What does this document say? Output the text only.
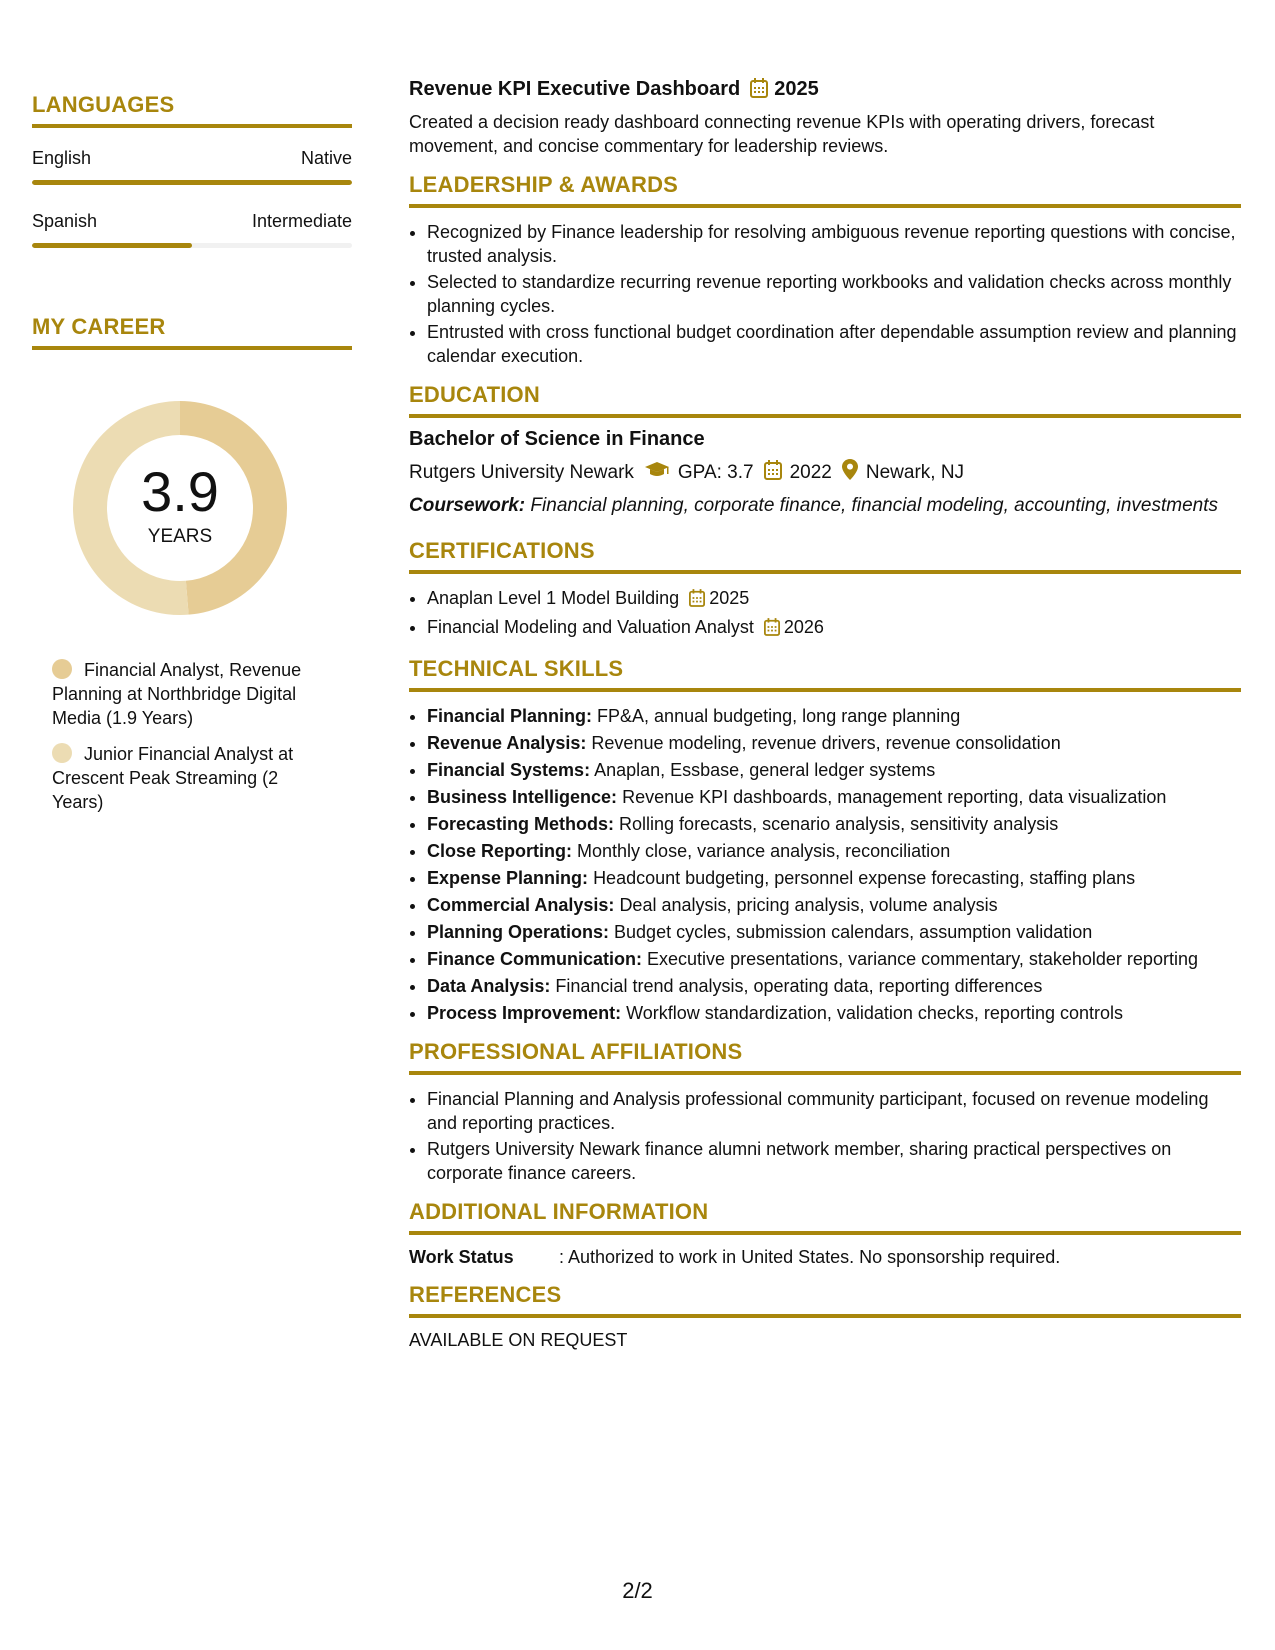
LANGUAGES
English	Native
Spanish	Intermediate
MY CAREER
3.9
YEARS
Financial Analyst, Revenue Planning at Northbridge Digital Media (1.9 Years)
Junior Financial Analyst at Crescent Peak Streaming (2 Years)
Revenue KPI Executive Dashboard 2025
Created a decision ready dashboard connecting revenue KPIs with operating drivers, forecast movement, and concise commentary for leadership reviews.
LEADERSHIP & AWARDS
• Recognized by Finance leadership for resolving ambiguous revenue reporting questions with concise, trusted analysis.
• Selected to standardize recurring revenue reporting workbooks and validation checks across monthly planning cycles.
• Entrusted with cross functional budget coordination after dependable assumption review and planning calendar execution.
EDUCATION
Bachelor of Science in Finance
Rutgers University Newark GPA: 3.7 2022 Newark, NJ
Coursework: Financial planning, corporate finance, financial modeling, accounting, investments
CERTIFICATIONS
• Anaplan Level 1 Model Building 2025
• Financial Modeling and Valuation Analyst 2026
TECHNICAL SKILLS
• Financial Planning: FP&A, annual budgeting, long range planning
• Revenue Analysis: Revenue modeling, revenue drivers, revenue consolidation
• Financial Systems: Anaplan, Essbase, general ledger systems
• Business Intelligence: Revenue KPI dashboards, management reporting, data visualization
• Forecasting Methods: Rolling forecasts, scenario analysis, sensitivity analysis
• Close Reporting: Monthly close, variance analysis, reconciliation
• Expense Planning: Headcount budgeting, personnel expense forecasting, staffing plans
• Commercial Analysis: Deal analysis, pricing analysis, volume analysis
• Planning Operations: Budget cycles, submission calendars, assumption validation
• Finance Communication: Executive presentations, variance commentary, stakeholder reporting
• Data Analysis: Financial trend analysis, operating data, reporting differences
• Process Improvement: Workflow standardization, validation checks, reporting controls
PROFESSIONAL AFFILIATIONS
• Financial Planning and Analysis professional community participant, focused on revenue modeling and reporting practices.
• Rutgers University Newark finance alumni network member, sharing practical perspectives on corporate finance careers.
ADDITIONAL INFORMATION
Work Status	: Authorized to work in United States. No sponsorship required.
REFERENCES
AVAILABLE ON REQUEST
2/2
